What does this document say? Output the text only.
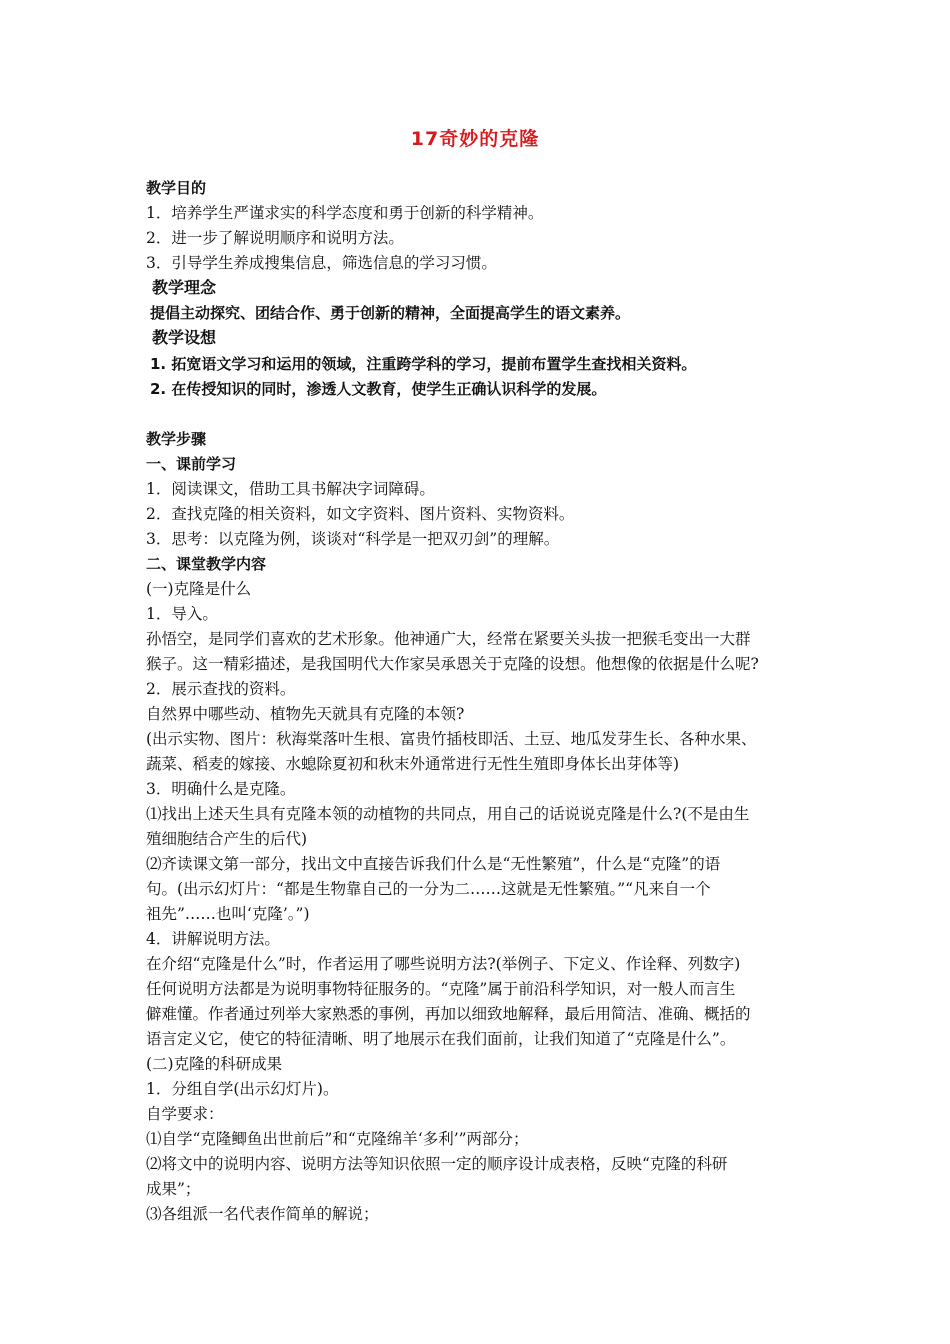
17奇妙的克隆
教学目的
1．培养学生严谨求实的科学态度和勇于创新的科学精神。
2．进一步了解说明顺序和说明方法。
3．引导学生养成搜集信息，筛选信息的学习习惯。
教学理念
提倡主动探究、团结合作、勇于创新的精神，全面提高学生的语文素养。
教学设想
1. 拓宽语文学习和运用的领域，注重跨学科的学习，提前布置学生查找相关资料。
2. 在传授知识的同时，渗透人文教育，使学生正确认识科学的发展。
教学步骤
一、课前学习
1．阅读课文，借助工具书解决字词障碍。
2．查找克隆的相关资料，如文字资料、图片资料、实物资料。
3．思考：以克隆为例，谈谈对“科学是一把双刃剑”的理解。
二、课堂教学内容
(一)克隆是什么
1．导入。
孙悟空，是同学们喜欢的艺术形象。他神通广大，经常在紧要关头拔一把猴毛变出一大群
猴子。这一精彩描述，是我国明代大作家吴承恩关于克隆的设想。他想像的依据是什么呢?
2．展示查找的资料。
自然界中哪些动、植物先天就具有克隆的本领?
(出示实物、图片：秋海棠落叶生根、富贵竹插枝即活、土豆、地瓜发芽生长、各种水果、
蔬菜、稻麦的嫁接、水螅除夏初和秋末外通常进行无性生殖即身体长出芽体等)
3．明确什么是克隆。
⑴找出上述天生具有克隆本领的动植物的共同点，用自己的话说说克隆是什么?(不是由生
殖细胞结合产生的后代)
⑵齐读课文第一部分，找出文中直接告诉我们什么是“无性繁殖”，什么是“克隆”的语
句。(出示幻灯片：“都是生物靠自己的一分为二……这就是无性繁殖。”“凡来自一个
祖先”……也叫‘克隆’。”)
4．讲解说明方法。
在介绍“克隆是什么”时，作者运用了哪些说明方法?(举例子、下定义、作诠释、列数字)
任何说明方法都是为说明事物特征服务的。“克隆”属于前沿科学知识，对一般人而言生
僻难懂。作者通过列举大家熟悉的事例，再加以细致地解释，最后用简洁、准确、概括的
语言定义它，使它的特征清晰、明了地展示在我们面前，让我们知道了“克隆是什么”。
(二)克隆的科研成果
1．分组自学(出示幻灯片)。
自学要求：
⑴自学“克隆鲫鱼出世前后”和“克隆绵羊‘多利’”两部分；
⑵将文中的说明内容、说明方法等知识依照一定的顺序设计成表格，反映“克隆的科研
成果”；
⑶各组派一名代表作简单的解说；
